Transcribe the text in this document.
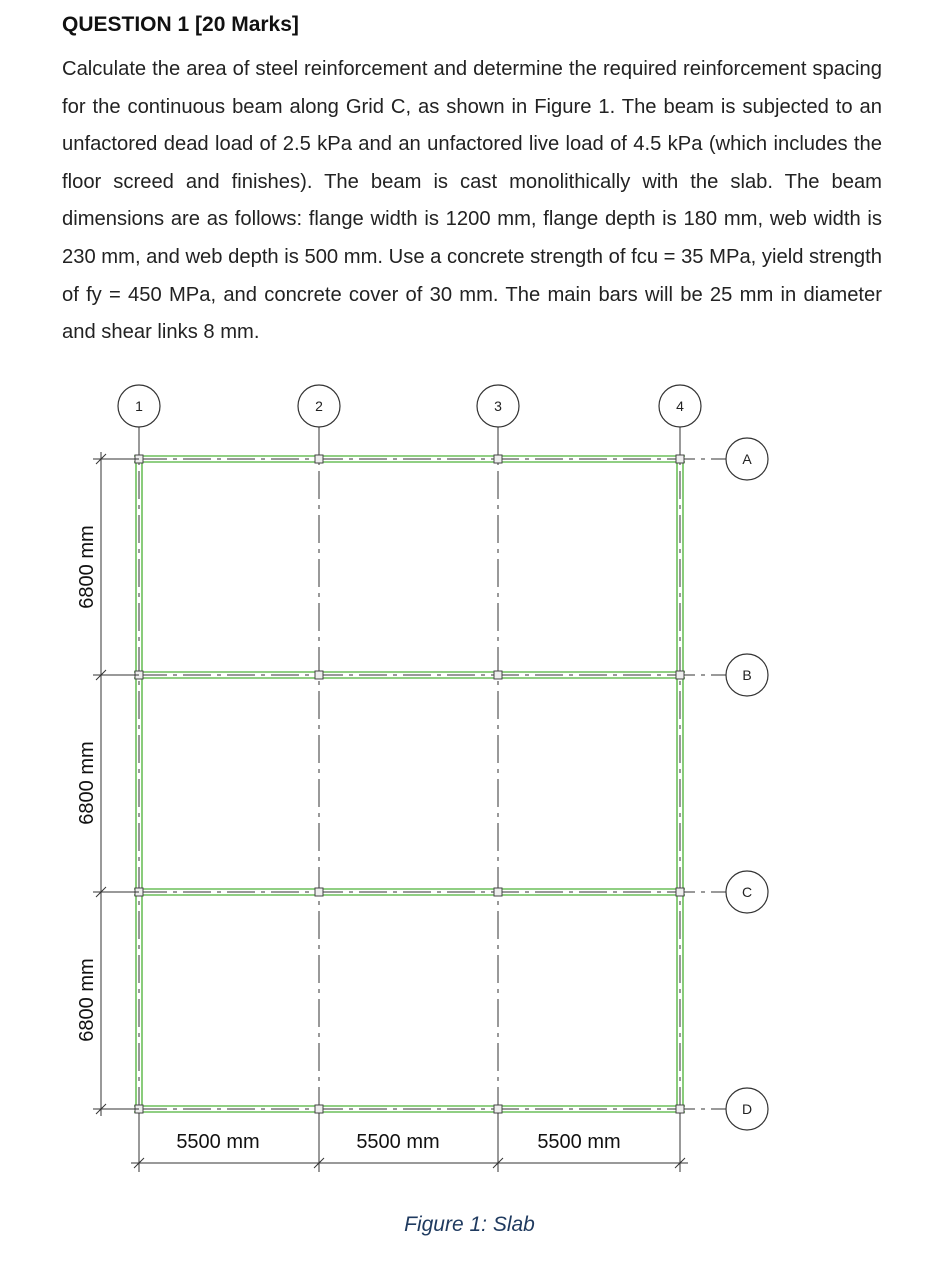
QUESTION 1 [20 Marks]

Calculate the area of steel reinforcement and determine the required reinforcement spacing for the continuous beam along Grid C, as shown in Figure 1. The beam is subjected to an unfactored dead load of 2.5 kPa and an unfactored live load of 4.5 kPa (which includes the floor screed and finishes). The beam is cast monolithically with the slab. The beam dimensions are as follows: flange width is 1200 mm, flange depth is 180 mm, web width is 230 mm, and web depth is 500 mm. Use a concrete strength of fcu = 35 MPa, yield strength of fy = 450 MPa, and concrete cover of 30 mm. The main bars will be 25 mm in diameter and shear links 8 mm.

1	2	3	4
A
B
C
D
5500 mm	5500 mm	5500 mm
6800 mm
6800 mm
6800 mm

Figure 1: Slab
